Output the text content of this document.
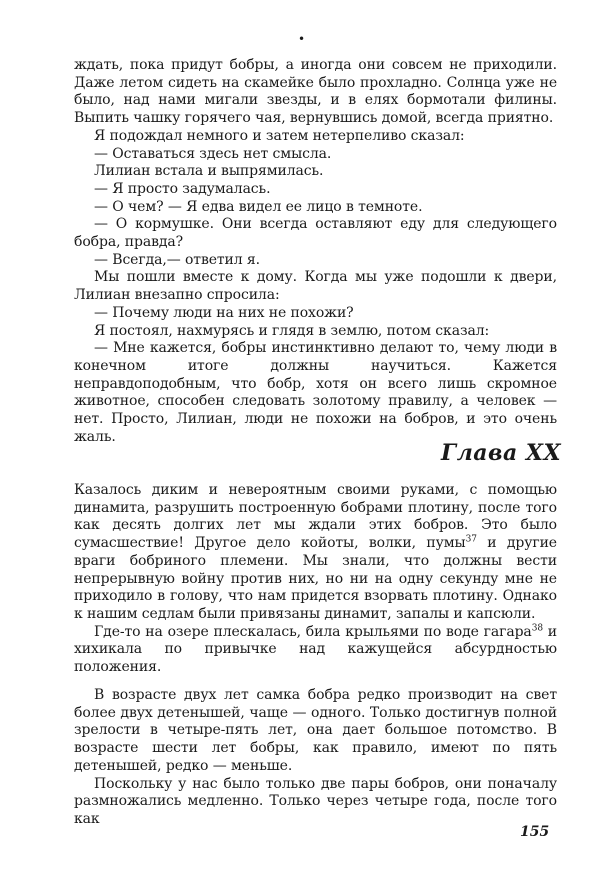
•

ждать, пока придут бобры, а иногда они совсем не приходили. Даже летом сидеть на скамейке было прохладно. Солнца уже не было, над нами мигали звезды, и в елях бормотали филины. Выпить чашку горячего чая, вернувшись домой, всегда приятно.

Я подождал немного и затем нетерпеливо сказал:

— Оставаться здесь нет смысла.

Лилиан встала и выпрямилась.

— Я просто задумалась.

— О чем? — Я едва видел ее лицо в темноте.

— О кормушке. Они всегда оставляют еду для следующего бобра, правда?

— Всегда,— ответил я.

Мы пошли вместе к дому. Когда мы уже подошли к двери, Лилиан внезапно спросила:

— Почему люди на них не похожи?

Я постоял, нахмурясь и глядя в землю, потом сказал:

— Мне кажется, бобры инстинктивно делают то, чему люди в конечном итоге должны научиться. Кажется неправдоподобным, что бобр, хотя он всего лишь скромное животное, способен следовать золотому правилу, а человек — нет. Просто, Лилиан, люди не похожи на бобров, и это очень жаль.

Глава XX

Казалось диким и невероятным своими руками, с помощью динамита, разрушить построенную бобрами плотину, после того как десять долгих лет мы ждали этих бобров. Это было сумасшествие! Другое дело койоты, волки, пумы$^{37}$ и другие враги бобриного племени. Мы знали, что должны вести непрерывную войну против них, но ни на одну секунду мне не приходило в голову, что нам придется взорвать плотину. Однако к нашим седлам были привязаны динамит, запалы и капсюли.

Где-то на озере плескалась, била крыльями по воде гагара$^{38}$ и хихикала по привычке над кажущейся абсурдностью положения.

В возрасте двух лет самка бобра редко производит на свет более двух детенышей, чаще — одного. Только достигнув полной зрелости в четыре-пять лет, она дает большое потомство. В возрасте шести лет бобры, как правило, имеют по пять детенышей, редко — меньше.

Поскольку у нас было только две пары бобров, они поначалу размножались медленно. Только через четыре года, после того как

155
